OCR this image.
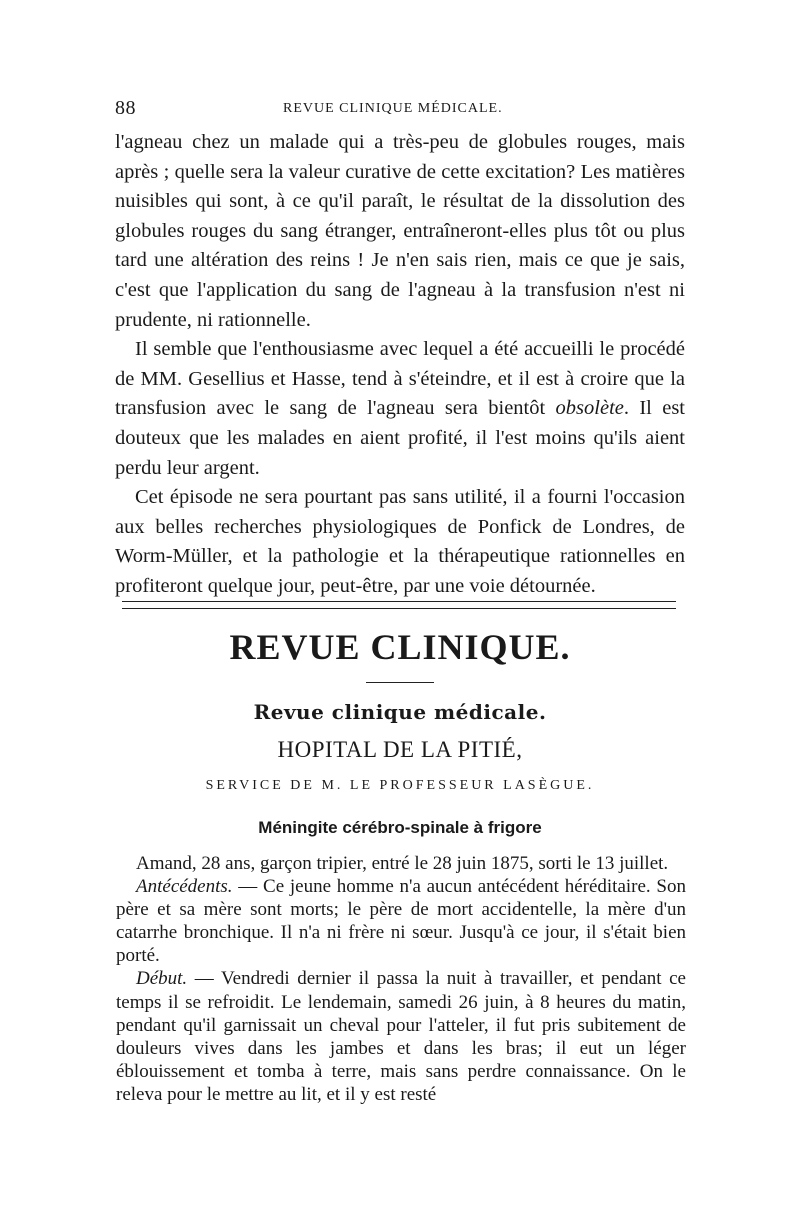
88	REVUE CLINIQUE MÉDICALE.

l'agneau chez un malade qui a très-peu de globules rouges, mais après ; quelle sera la valeur curative de cette excitation? Les matières nuisibles qui sont, à ce qu'il paraît, le résultat de la dissolution des globules rouges du sang étranger, entraîneront-elles plus tôt ou plus tard une altération des reins ! Je n'en sais rien, mais ce que je sais, c'est que l'application du sang de l'agneau à la transfusion n'est ni prudente, ni rationnelle.

Il semble que l'enthousiasme avec lequel a été accueilli le procédé de MM. Gesellius et Hasse, tend à s'éteindre, et il est à croire que la transfusion avec le sang de l'agneau sera bientôt obsolète. Il est douteux que les malades en aient profité, il l'est moins qu'ils aient perdu leur argent.

Cet épisode ne sera pourtant pas sans utilité, il a fourni l'occasion aux belles recherches physiologiques de Ponfick de Londres, de Worm-Müller, et la pathologie et la thérapeutique rationnelles en profiteront quelque jour, peut-être, par une voie détournée.

REVUE CLINIQUE.
Revue clinique médicale.
HOPITAL DE LA PITIÉ,
SERVICE DE M. LE PROFESSEUR LASÈGUE.
Méningite cérébro-spinale à frigore

Amand, 28 ans, garçon tripier, entré le 28 juin 1875, sorti le 13 juillet.

Antécédents. — Ce jeune homme n'a aucun antécédent héréditaire. Son père et sa mère sont morts; le père de mort accidentelle, la mère d'un catarrhe bronchique. Il n'a ni frère ni sœur. Jusqu'à ce jour, il s'était bien porté.

Début. — Vendredi dernier il passa la nuit à travailler, et pendant ce temps il se refroidit. Le lendemain, samedi 26 juin, à 8 heures du matin, pendant qu'il garnissait un cheval pour l'atteler, il fut pris subitement de douleurs vives dans les jambes et dans les bras; il eut un léger éblouissement et tomba à terre, mais sans perdre connaissance. On le releva pour le mettre au lit, et il y est resté
